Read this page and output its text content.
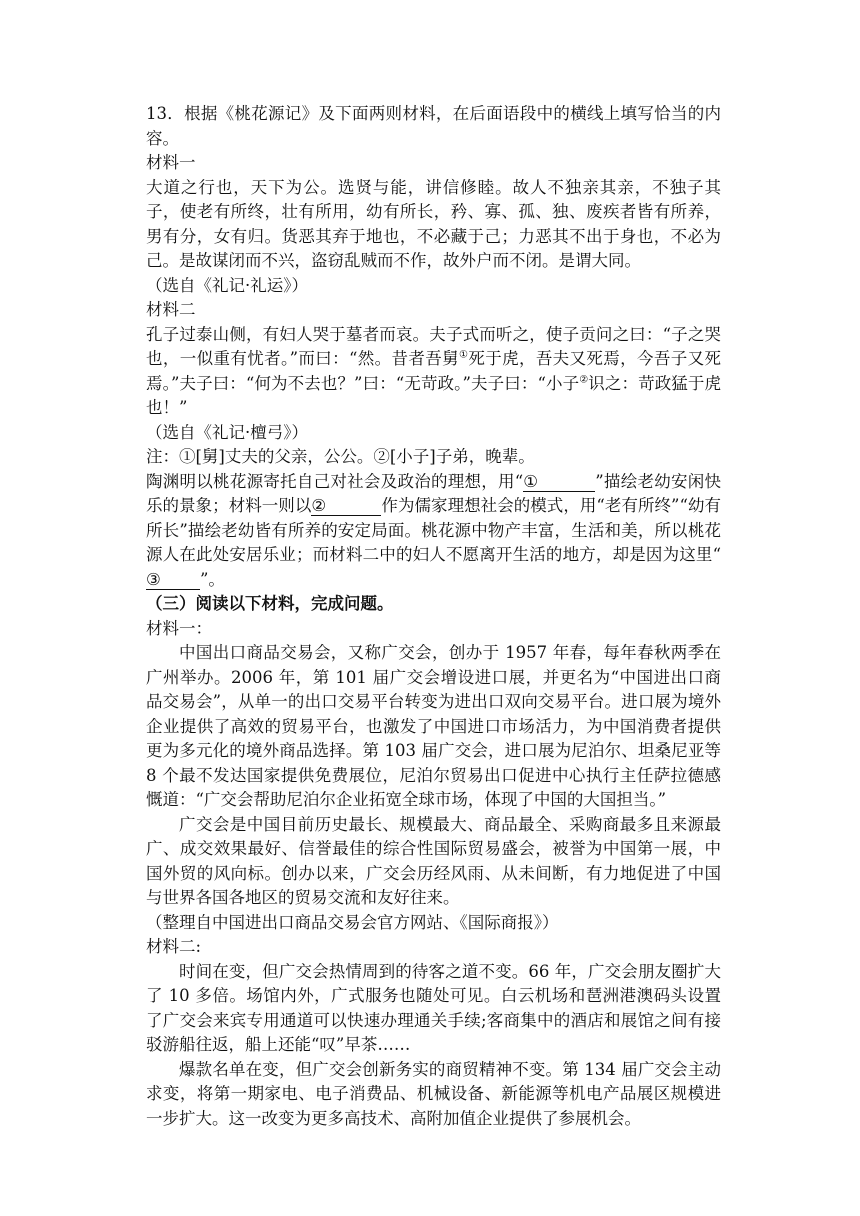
13．根据《桃花源记》及下面两则材料，在后面语段中的横线上填写恰当的内容。

材料一

大道之行也，天下为公。选贤与能，讲信修睦。故人不独亲其亲，不独子其子，使老有所终，壮有所用，幼有所长，矜、寡、孤、独、废疾者皆有所养，男有分，女有归。货恶其弃于地也，不必藏于己；力恶其不出于身也，不必为己。是故谋闭而不兴，盗窃乱贼而不作，故外户而不闭。是谓大同。

（选自《礼记·礼运》）

材料二

孔子过泰山侧，有妇人哭于墓者而哀。夫子式而听之，使子贡问之曰：“子之哭也，一似重有忧者。”而曰：“然。昔者吾舅①死于虎，吾夫又死焉，今吾子又死焉。”夫子曰：“何为不去也？”曰：“无苛政。”夫子曰：“小子②识之：苛政猛于虎也！”

（选自《礼记·檀弓》）

注：①[舅]丈夫的父亲，公公。②[小子]子弟，晚辈。

陶渊明以桃花源寄托自己对社会及政治的理想，用“①	”描绘老幼安闲快乐的景象；材料一则以②	作为儒家理想社会的模式，用“老有所终”“幼有所长”描绘老幼皆有所养的安定局面。桃花源中物产丰富，生活和美，所以桃花源人在此处安居乐业；而材料二中的妇人不愿离开生活的地方，却是因为这里“③ ”。

（三）阅读以下材料，完成问题。

材料一：

中国出口商品交易会，又称广交会，创办于 1957 年春，每年春秋两季在广州举办。2006 年，第 101 届广交会增设进口展，并更名为“中国进出口商品交易会”，从单一的出口交易平台转变为进出口双向交易平台。进口展为境外企业提供了高效的贸易平台，也激发了中国进口市场活力，为中国消费者提供更为多元化的境外商品选择。第 103 届广交会，进口展为尼泊尔、坦桑尼亚等 8 个最不发达国家提供免费展位，尼泊尔贸易出口促进中心执行主任萨拉德感慨道：“广交会帮助尼泊尔企业拓宽全球市场，体现了中国的大国担当。”

广交会是中国目前历史最长、规模最大、商品最全、采购商最多且来源最广、成交效果最好、信誉最佳的综合性国际贸易盛会，被誉为中国第一展，中国外贸的风向标。创办以来，广交会历经风雨、从未间断，有力地促进了中国与世界各国各地区的贸易交流和友好往来。

（整理自中国进出口商品交易会官方网站、《国际商报》）

材料二:

时间在变，但广交会热情周到的待客之道不变。66 年，广交会朋友圈扩大了 10 多倍。场馆内外，广式服务也随处可见。白云机场和琶洲港澳码头设置了广交会来宾专用通道可以快速办理通关手续;客商集中的酒店和展馆之间有接驳游船往返，船上还能“叹”早茶……

爆款名单在变，但广交会创新务实的商贸精神不变。第 134 届广交会主动求变，将第一期家电、电子消费品、机械设备、新能源等机电产品展区规模进一步扩大。这一改变为更多高技术、高附加值企业提供了参展机会。
